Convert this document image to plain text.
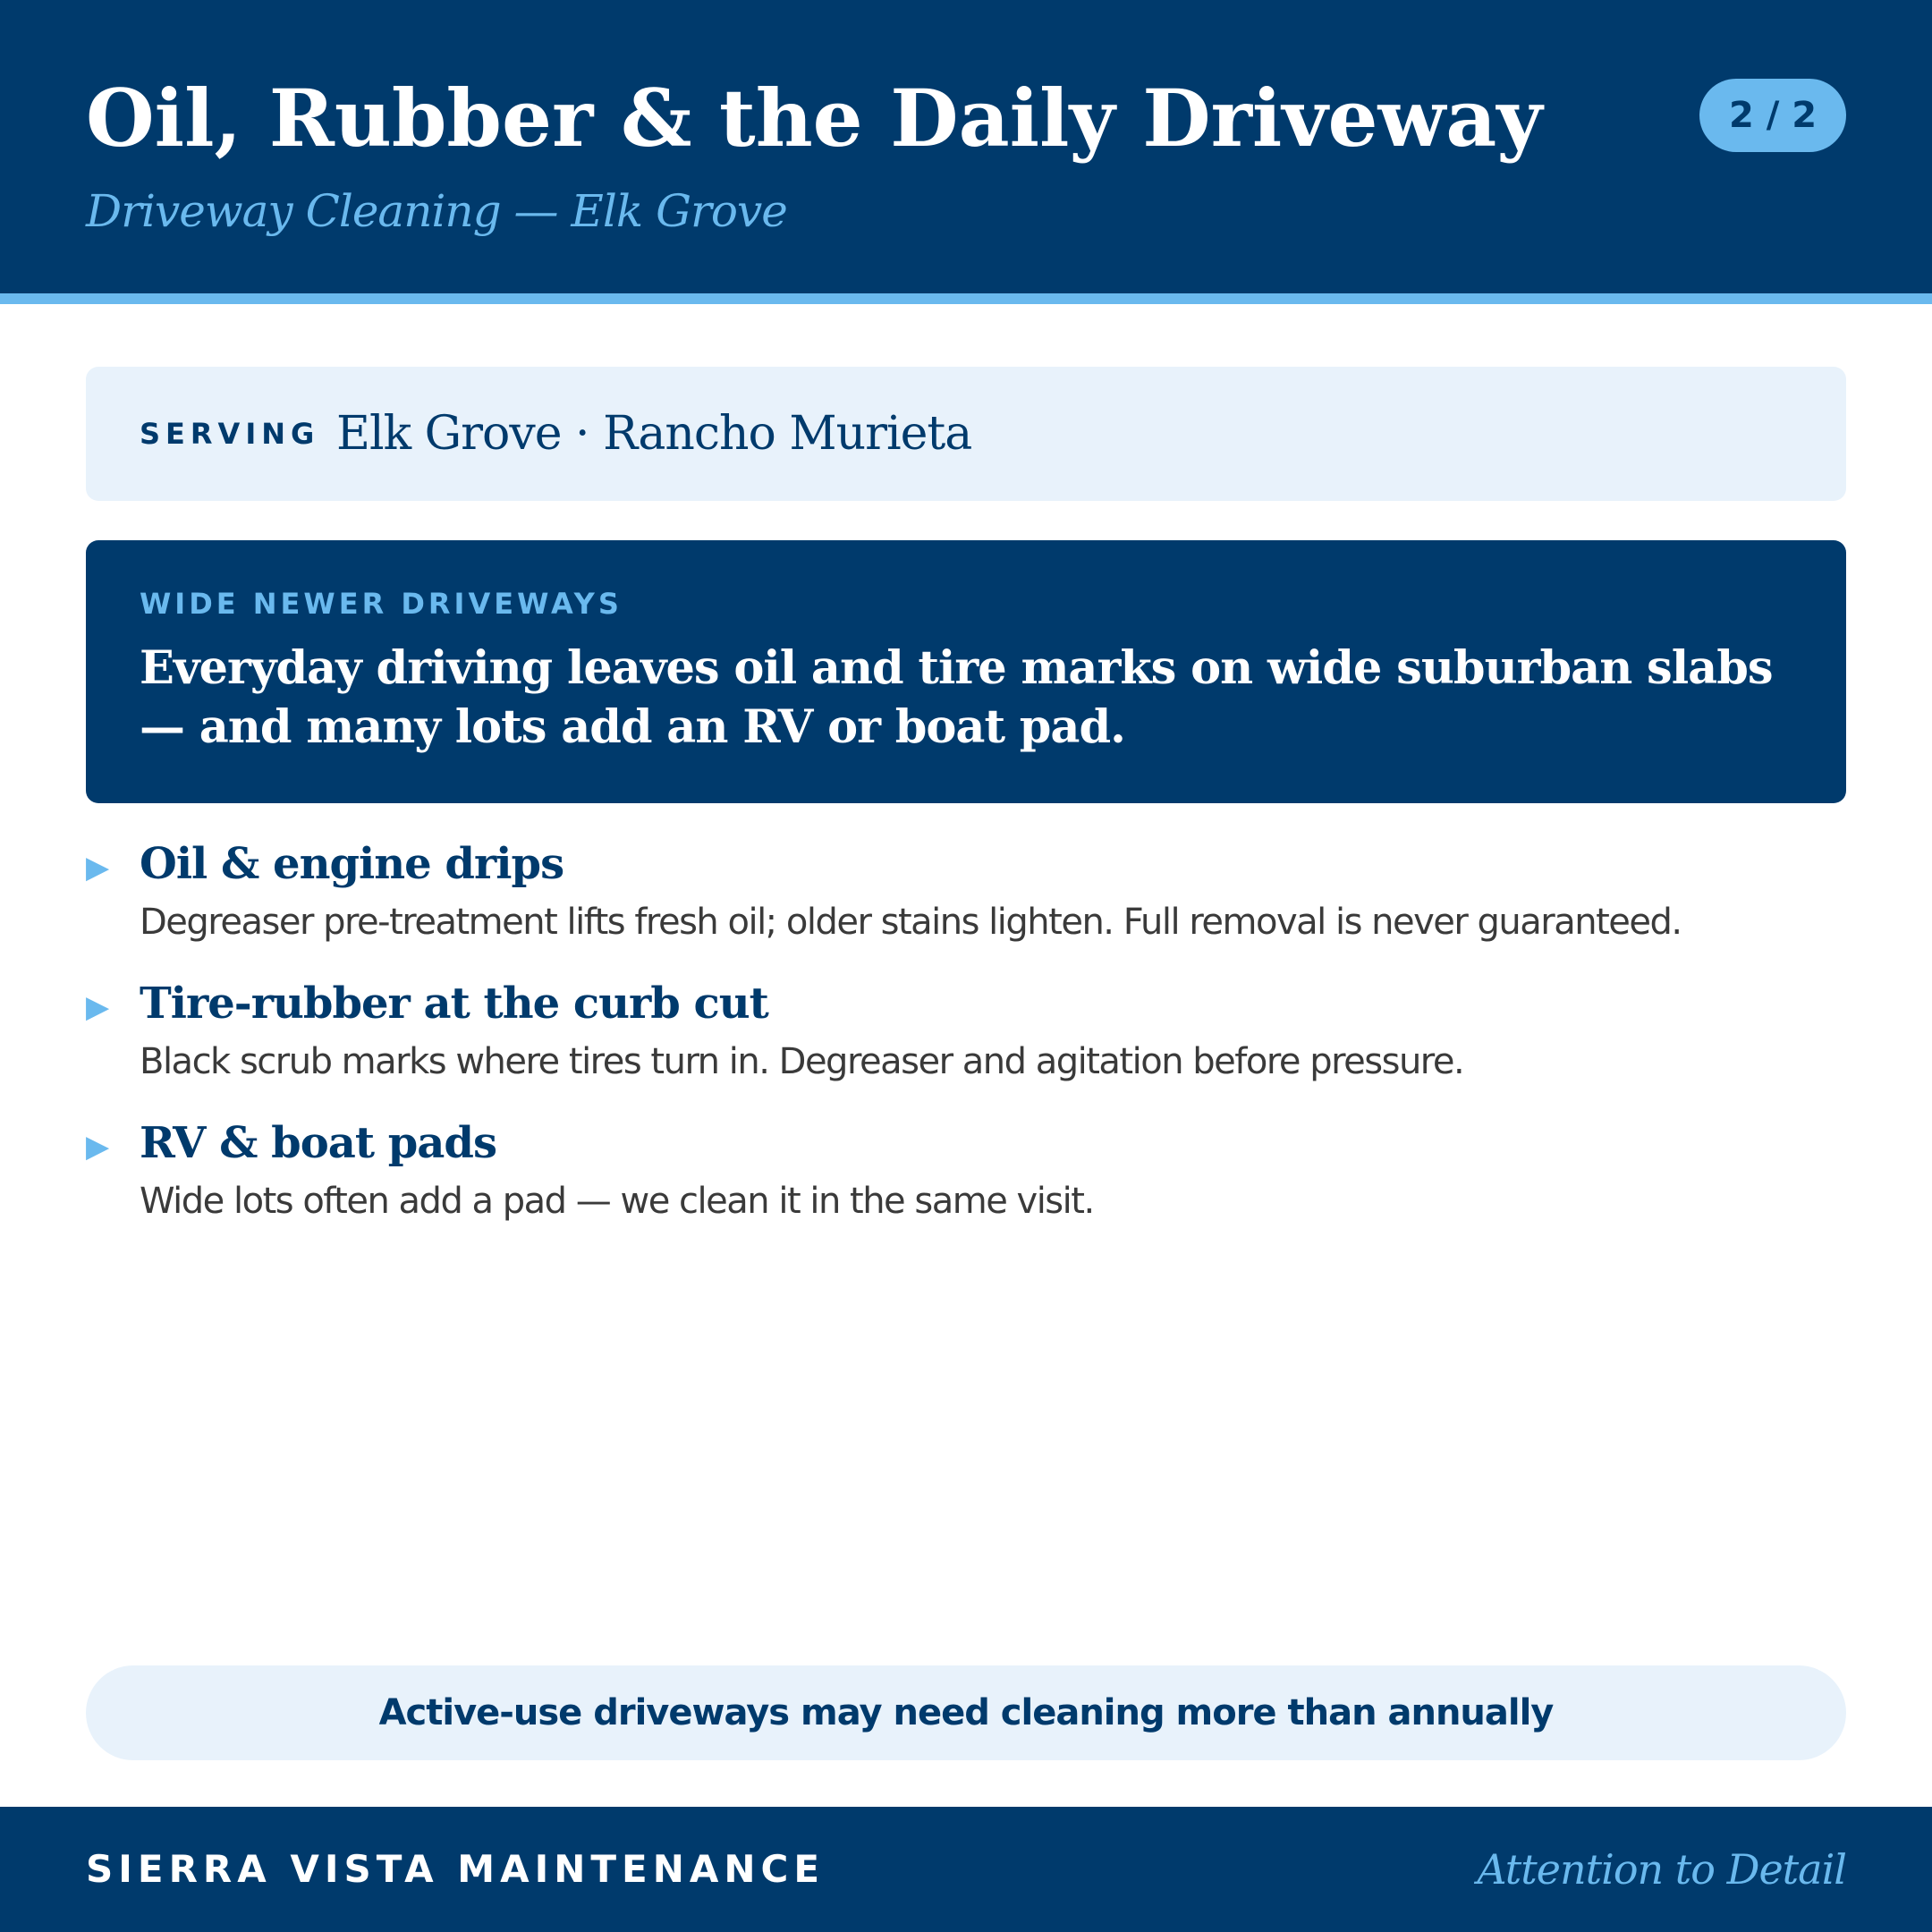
Oil, Rubber & the Daily Driveway
Driveway Cleaning — Elk Grove
2 / 2
SERVING Elk Grove · Rancho Murieta
WIDE NEWER DRIVEWAYS
Everyday driving leaves oil and tire marks on wide suburban slabs — and many lots add an RV or boat pad.
▶ Oil & engine drips
Degreaser pre-treatment lifts fresh oil; older stains lighten. Full removal is never guaranteed.
▶ Tire-rubber at the curb cut
Black scrub marks where tires turn in. Degreaser and agitation before pressure.
▶ RV & boat pads
Wide lots often add a pad — we clean it in the same visit.
Active-use driveways may need cleaning more than annually
SIERRA VISTA MAINTENANCE	Attention to Detail
